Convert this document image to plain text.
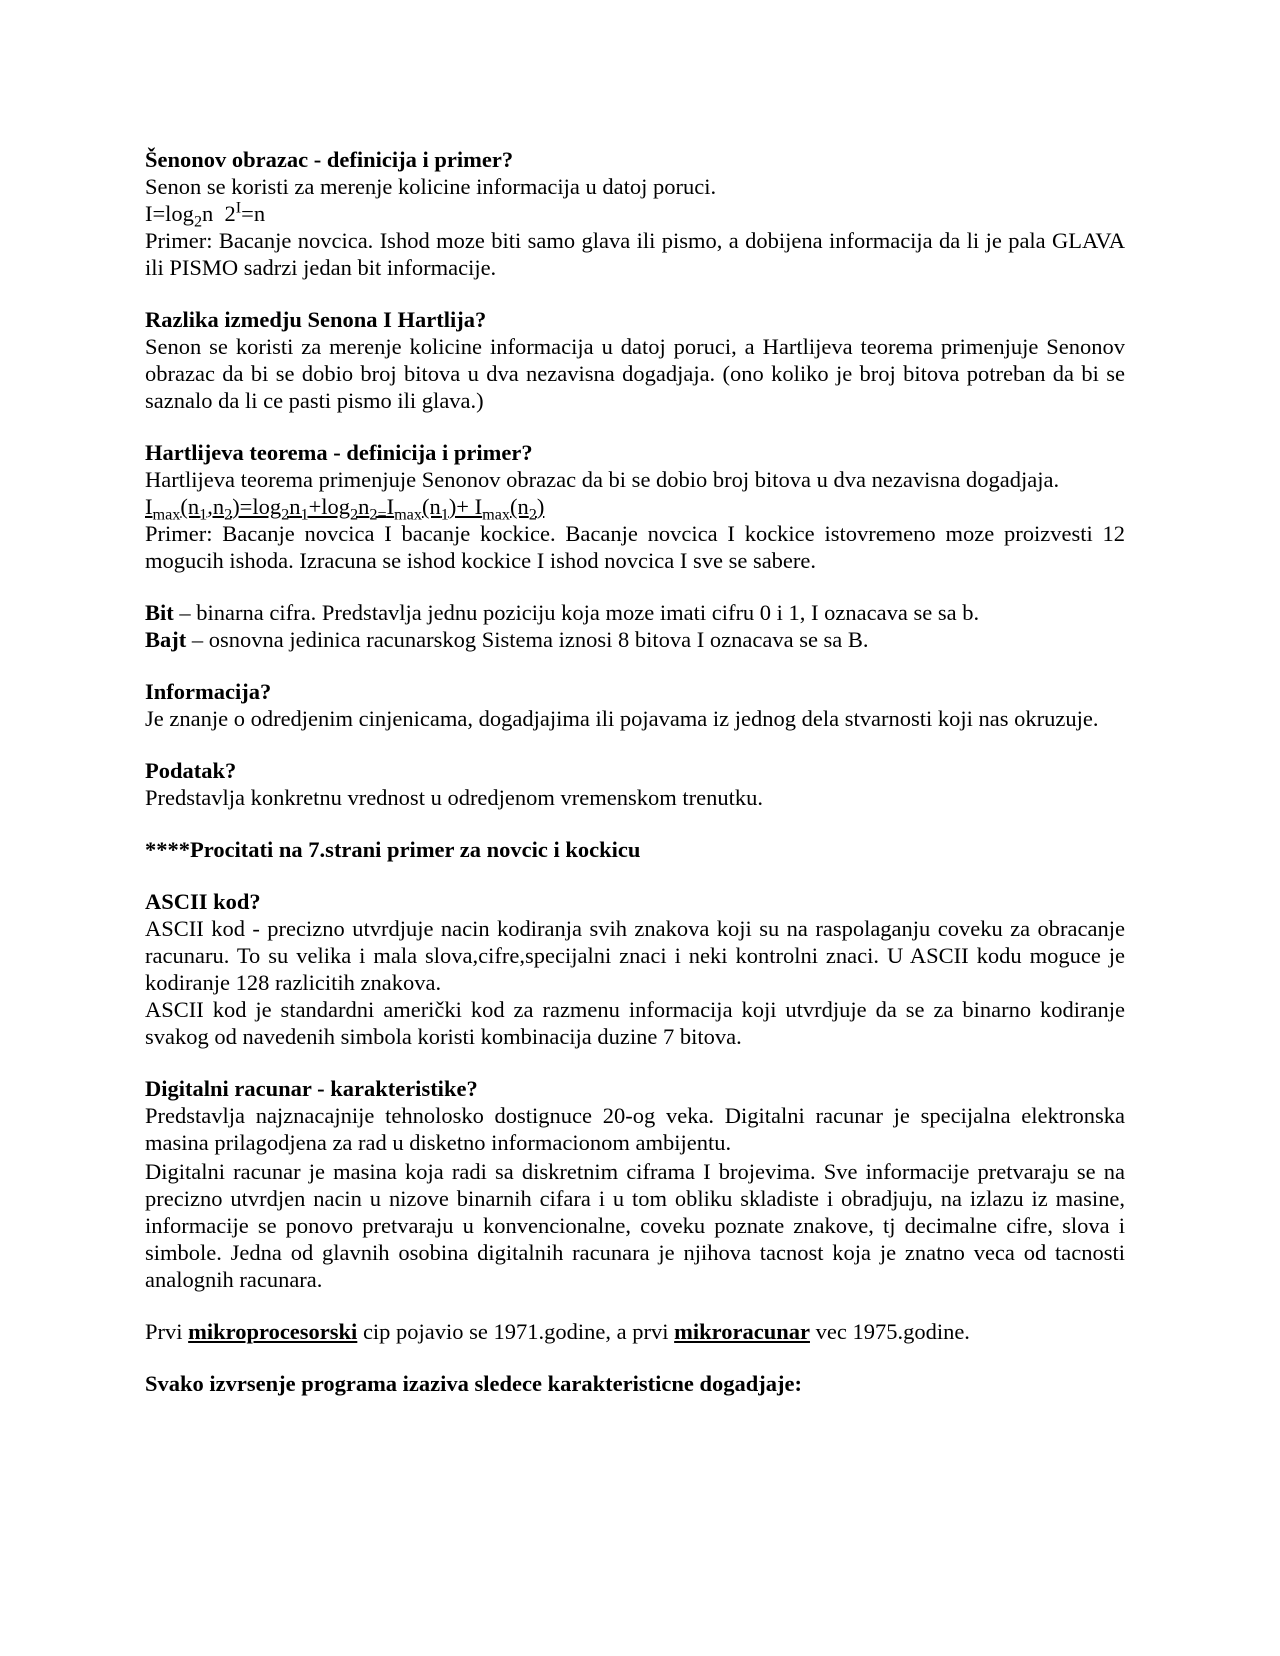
Šenonov obrazac - definicija i primer?

Senon se koristi za merenje kolicine informacija u datoj poruci.

$I=\log_2n$ $2^I=n$

Primer: Bacanje novcica. Ishod moze biti samo glava ili pismo, a dobijena informacija da li je pala GLAVA ili PISMO sadrzi jedan bit informacije.

Razlika izmedju Senona I Hartlija?

Senon se koristi za merenje kolicine informacija u datoj poruci, a Hartlijeva teorema primenjuje Senonov obrazac da bi se dobio broj bitova u dva nezavisna dogadjaja. (ono koliko je broj bitova potreban da bi se saznalo da li ce pasti pismo ili glava.)

Hartlijeva teorema - definicija i primer?

Hartlijeva teorema primenjuje Senonov obrazac da bi se dobio broj bitova u dva nezavisna dogadjaja.

$I_{max}(n_1,n_2)=\log_2n_1+\log_2n_{2=}I_{max}(n_1)+ I_{max}(n_2)$

Primer: Bacanje novcica I bacanje kockice. Bacanje novcica I kockice istovremeno moze proizvesti 12 mogucih ishoda. Izracuna se ishod kockice I ishod novcica I sve se sabere.

Bit – binarna cifra. Predstavlja jednu poziciju koja moze imati cifru 0 i 1, I oznacava se sa b.

Bajt – osnovna jedinica racunarskog Sistema iznosi 8 bitova I oznacava se sa B.

Informacija?

Je znanje o odredjenim cinjenicama, dogadjajima ili pojavama iz jednog dela stvarnosti koji nas okruzuje.

Podatak?

Predstavlja konkretnu vrednost u odredjenom vremenskom trenutku.

****Procitati na 7.strani primer za novcic i kockicu

ASCII kod?

ASCII kod - precizno utvrdjuje nacin kodiranja svih znakova koji su na raspolaganju coveku za obracanje racunaru. To su velika i mala slova,cifre,specijalni znaci i neki kontrolni znaci. U ASCII kodu moguce je kodiranje 128 razlicitih znakova.

ASCII kod je standardni američki kod za razmenu informacija koji utvrdjuje da se za binarno kodiranje svakog od navedenih simbola koristi kombinacija duzine 7 bitova.

Digitalni racunar - karakteristike?

Predstavlja najznacajnije tehnolosko dostignuce 20-og veka. Digitalni racunar je specijalna elektronska masina prilagodjena za rad u disketno informacionom ambijentu.

Digitalni racunar je masina koja radi sa diskretnim ciframa I brojevima. Sve informacije pretvaraju se na precizno utvrdjen nacin u nizove binarnih cifara i u tom obliku skladiste i obradjuju, na izlazu iz masine, informacije se ponovo pretvaraju u konvencionalne, coveku poznate znakove, tj decimalne cifre, slova i simbole. Jedna od glavnih osobina digitalnih racunara je njihova tacnost koja je znatno veca od tacnosti analognih racunara.

Prvi mikroprocesorski cip pojavio se 1971.godine, a prvi mikroracunar vec 1975.godine.

Svako izvrsenje programa izaziva sledece karakteristicne dogadjaje:
